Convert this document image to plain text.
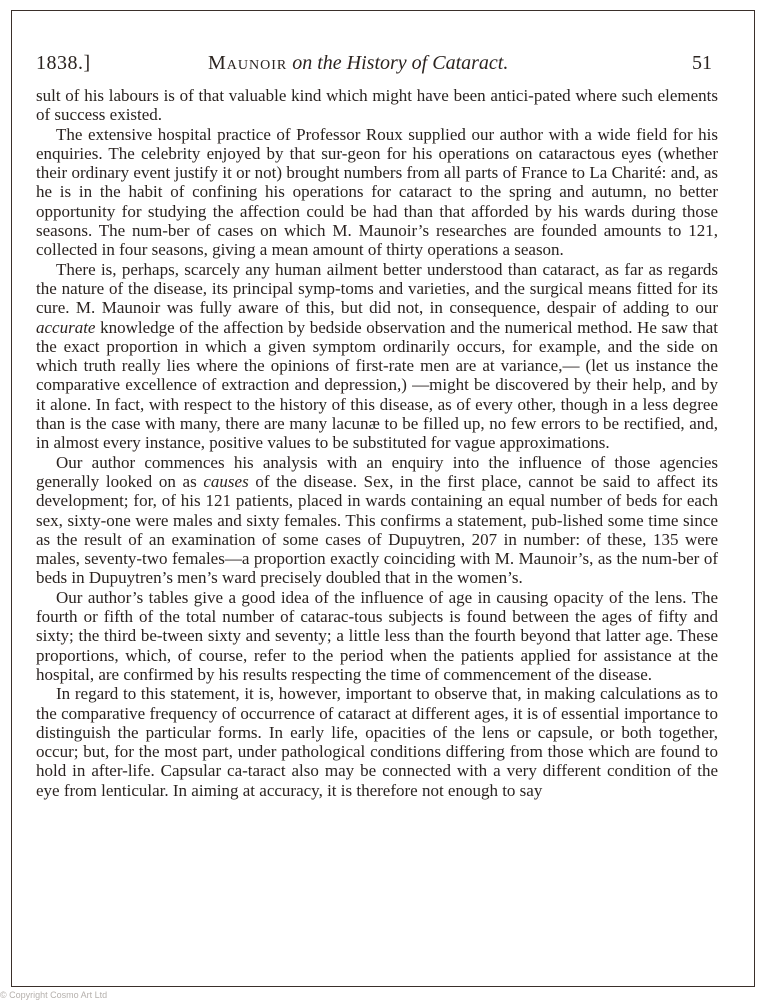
1838.]	Maunoir on the History of Cataract.	51

sult of his labours is of that valuable kind which might have been antici-pated where such elements of success existed.

The extensive hospital practice of Professor Roux supplied our author with a wide field for his enquiries. The celebrity enjoyed by that sur-geon for his operations on cataractous eyes (whether their ordinary event justify it or not) brought numbers from all parts of France to La Charité: and, as he is in the habit of confining his operations for cataract to the spring and autumn, no better opportunity for studying the affection could be had than that afforded by his wards during those seasons. The num-ber of cases on which M. Maunoir’s researches are founded amounts to 121, collected in four seasons, giving a mean amount of thirty operations a season.

There is, perhaps, scarcely any human ailment better understood than cataract, as far as regards the nature of the disease, its principal symp-toms and varieties, and the surgical means fitted for its cure. M. Maunoir was fully aware of this, but did not, in consequence, despair of adding to our accurate knowledge of the affection by bedside observation and the numerical method. He saw that the exact proportion in which a given symptom ordinarily occurs, for example, and the side on which truth really lies where the opinions of first-rate men are at variance,— (let us instance the comparative excellence of extraction and depression,) —might be discovered by their help, and by it alone. In fact, with respect to the history of this disease, as of every other, though in a less degree than is the case with many, there are many lacunæ to be filled up, no few errors to be rectified, and, in almost every instance, positive values to be substituted for vague approximations.

Our author commences his analysis with an enquiry into the influence of those agencies generally looked on as causes of the disease. Sex, in the first place, cannot be said to affect its development; for, of his 121 patients, placed in wards containing an equal number of beds for each sex, sixty-one were males and sixty females. This confirms a statement, pub-lished some time since as the result of an examination of some cases of Dupuytren, 207 in number: of these, 135 were males, seventy-two females—a proportion exactly coinciding with M. Maunoir’s, as the num-ber of beds in Dupuytren’s men’s ward precisely doubled that in the women’s.

Our author’s tables give a good idea of the influence of age in causing opacity of the lens. The fourth or fifth of the total number of catarac-tous subjects is found between the ages of fifty and sixty; the third be-tween sixty and seventy; a little less than the fourth beyond that latter age. These proportions, which, of course, refer to the period when the patients applied for assistance at the hospital, are confirmed by his results respecting the time of commencement of the disease.

In regard to this statement, it is, however, important to observe that, in making calculations as to the comparative frequency of occurrence of cataract at different ages, it is of essential importance to distinguish the particular forms. In early life, opacities of the lens or capsule, or both together, occur; but, for the most part, under pathological conditions differing from those which are found to hold in after-life. Capsular ca-taract also may be connected with a very different condition of the eye from lenticular. In aiming at accuracy, it is therefore not enough to say

© Copyright Cosmo Art Ltd
